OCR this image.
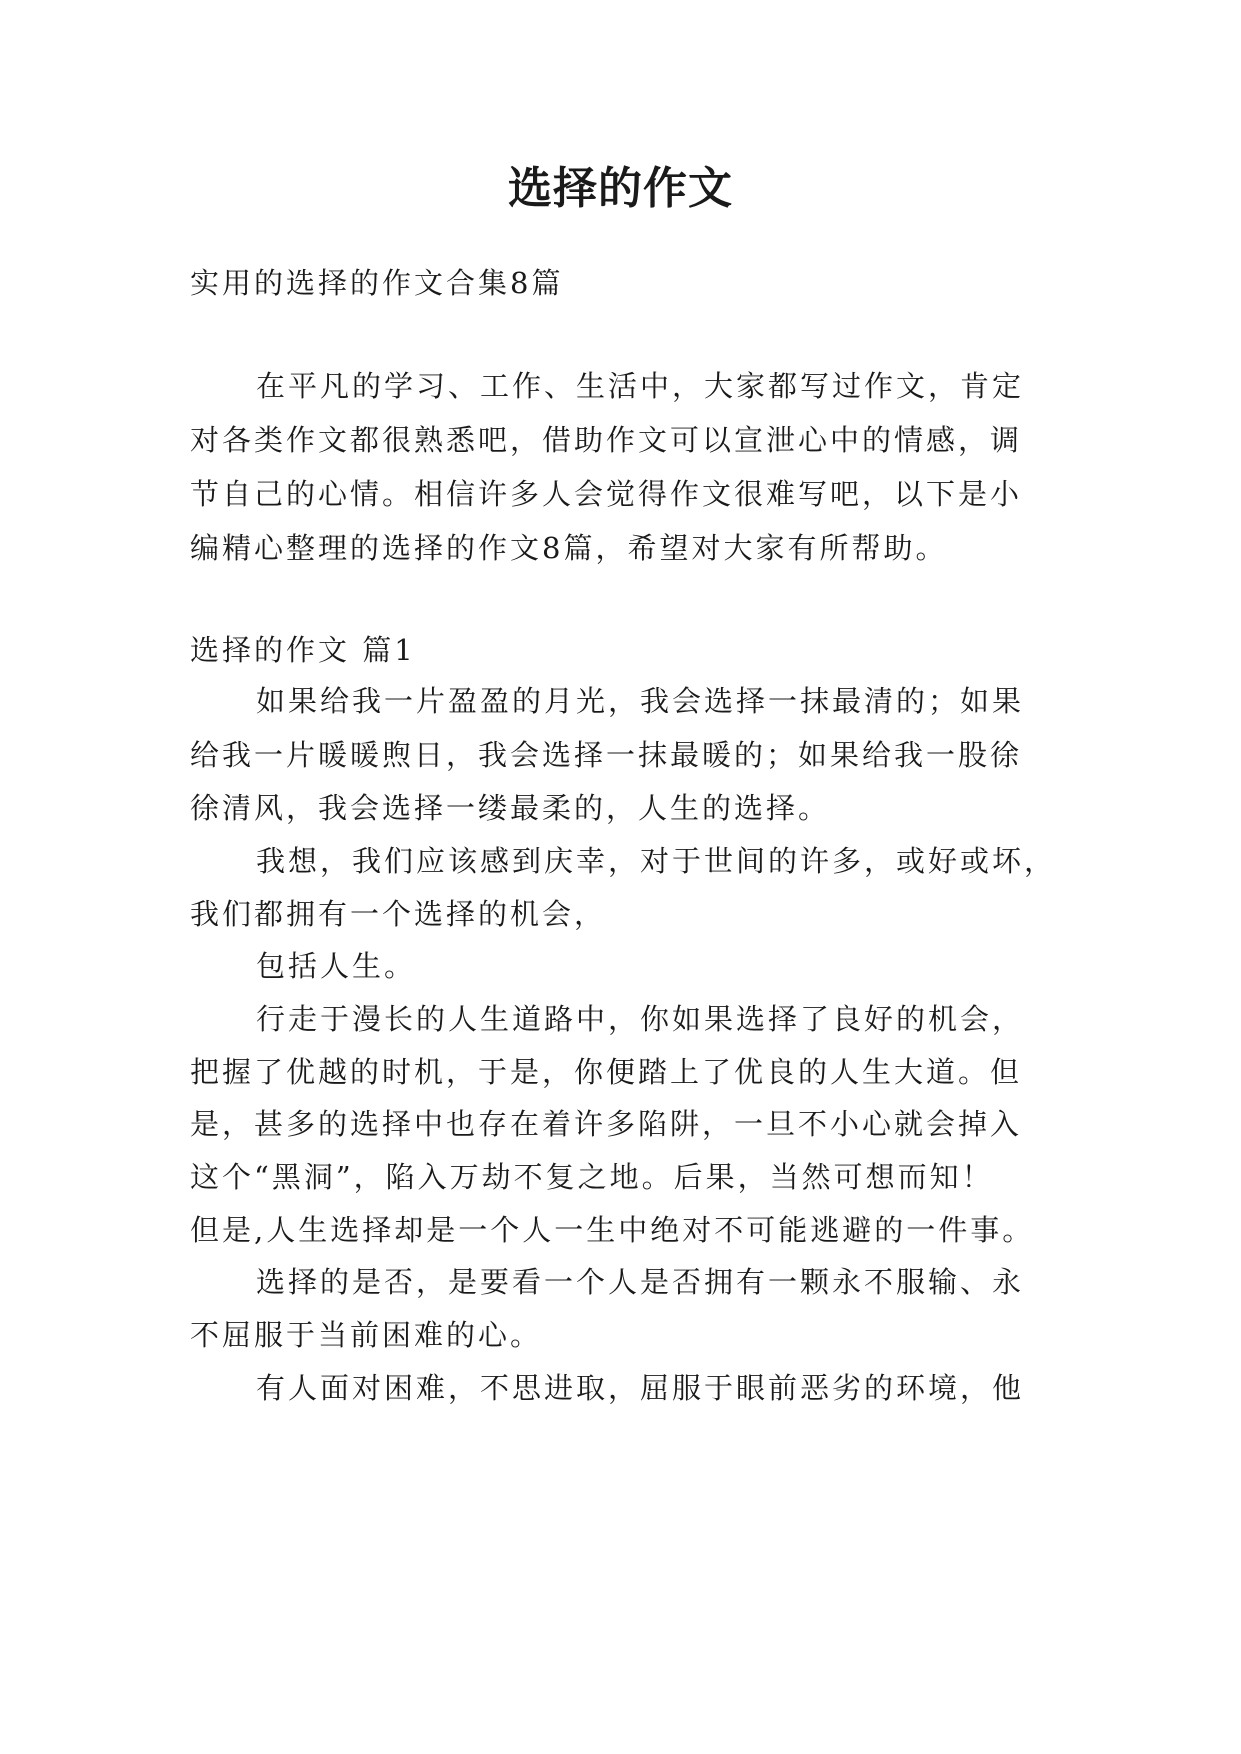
选择的作文
实用的选择的作文合集8篇
在平凡的学习、工作、生活中，大家都写过作文，肯定
对各类作文都很熟悉吧，借助作文可以宣泄心中的情感，调
节自己的心情。相信许多人会觉得作文很难写吧，以下是小
编精心整理的选择的作文8篇，希望对大家有所帮助。
选择的作文 篇1
如果给我一片盈盈的月光，我会选择一抹最清的；如果
给我一片暖暖煦日，我会选择一抹最暖的；如果给我一股徐
徐清风，我会选择一缕最柔的，人生的选择。
我想，我们应该感到庆幸，对于世间的许多，或好或坏，
我们都拥有一个选择的机会，
包括人生。
行走于漫长的人生道路中，你如果选择了良好的机会，
把握了优越的时机，于是，你便踏上了优良的人生大道。但
是，甚多的选择中也存在着许多陷阱，一旦不小心就会掉入
这个“黑洞”，陷入万劫不复之地。后果，当然可想而知！
但是,人生选择却是一个人一生中绝对不可能逃避的一件事。
选择的是否，是要看一个人是否拥有一颗永不服输、永
不屈服于当前困难的心。
有人面对困难，不思进取，屈服于眼前恶劣的环境，他
